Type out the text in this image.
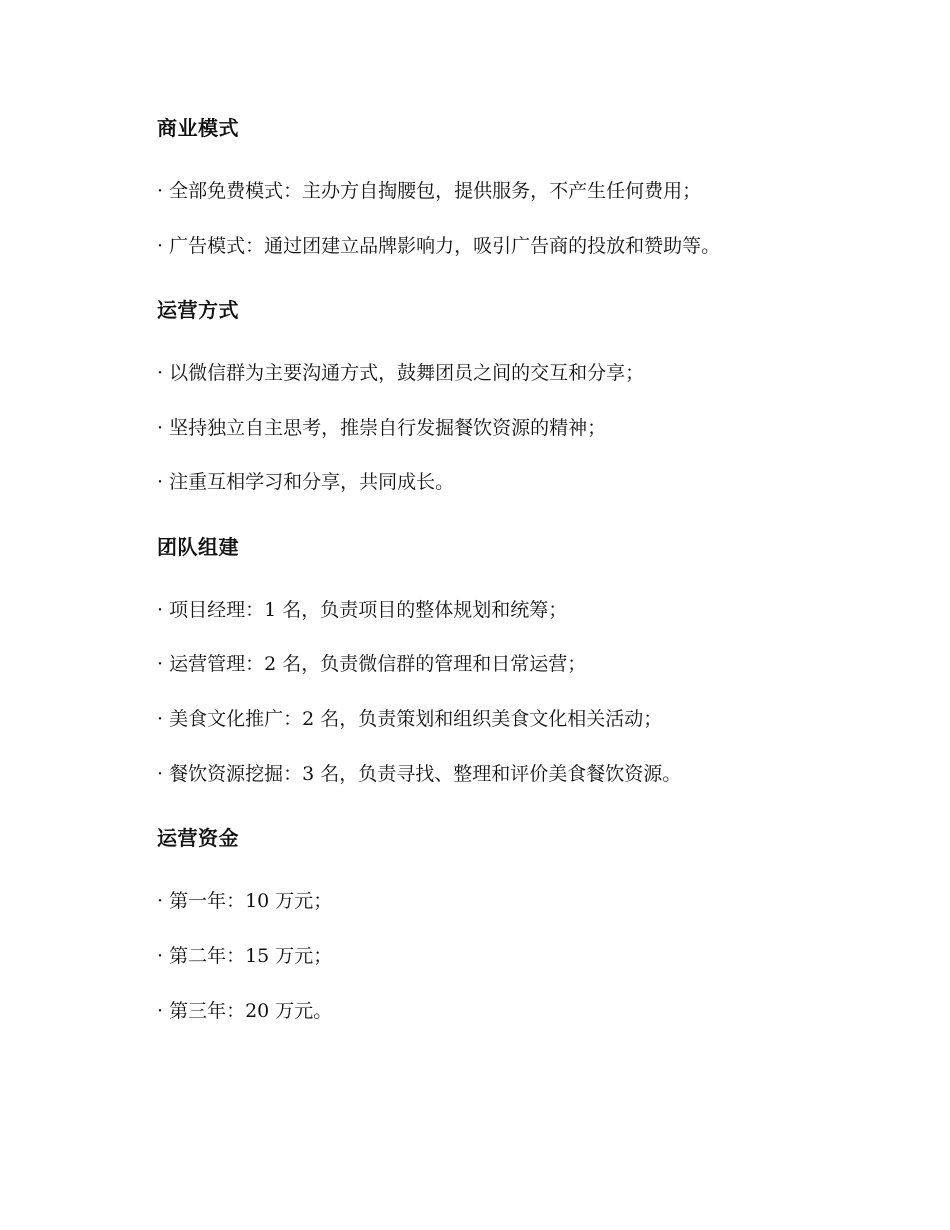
商业模式
· 全部免费模式：主办方自掏腰包，提供服务，不产生任何费用；
· 广告模式：通过团建立品牌影响力，吸引广告商的投放和赞助等。
运营方式
· 以微信群为主要沟通方式，鼓舞团员之间的交互和分享；
· 坚持独立自主思考，推崇自行发掘餐饮资源的精神；
· 注重互相学习和分享，共同成长。
团队组建
· 项目经理：1 名，负责项目的整体规划和统筹；
· 运营管理：2 名，负责微信群的管理和日常运营；
· 美食文化推广：2 名，负责策划和组织美食文化相关活动；
· 餐饮资源挖掘：3 名，负责寻找、整理和评价美食餐饮资源。
运营资金
· 第一年：10 万元；
· 第二年：15 万元；
· 第三年：20 万元。
